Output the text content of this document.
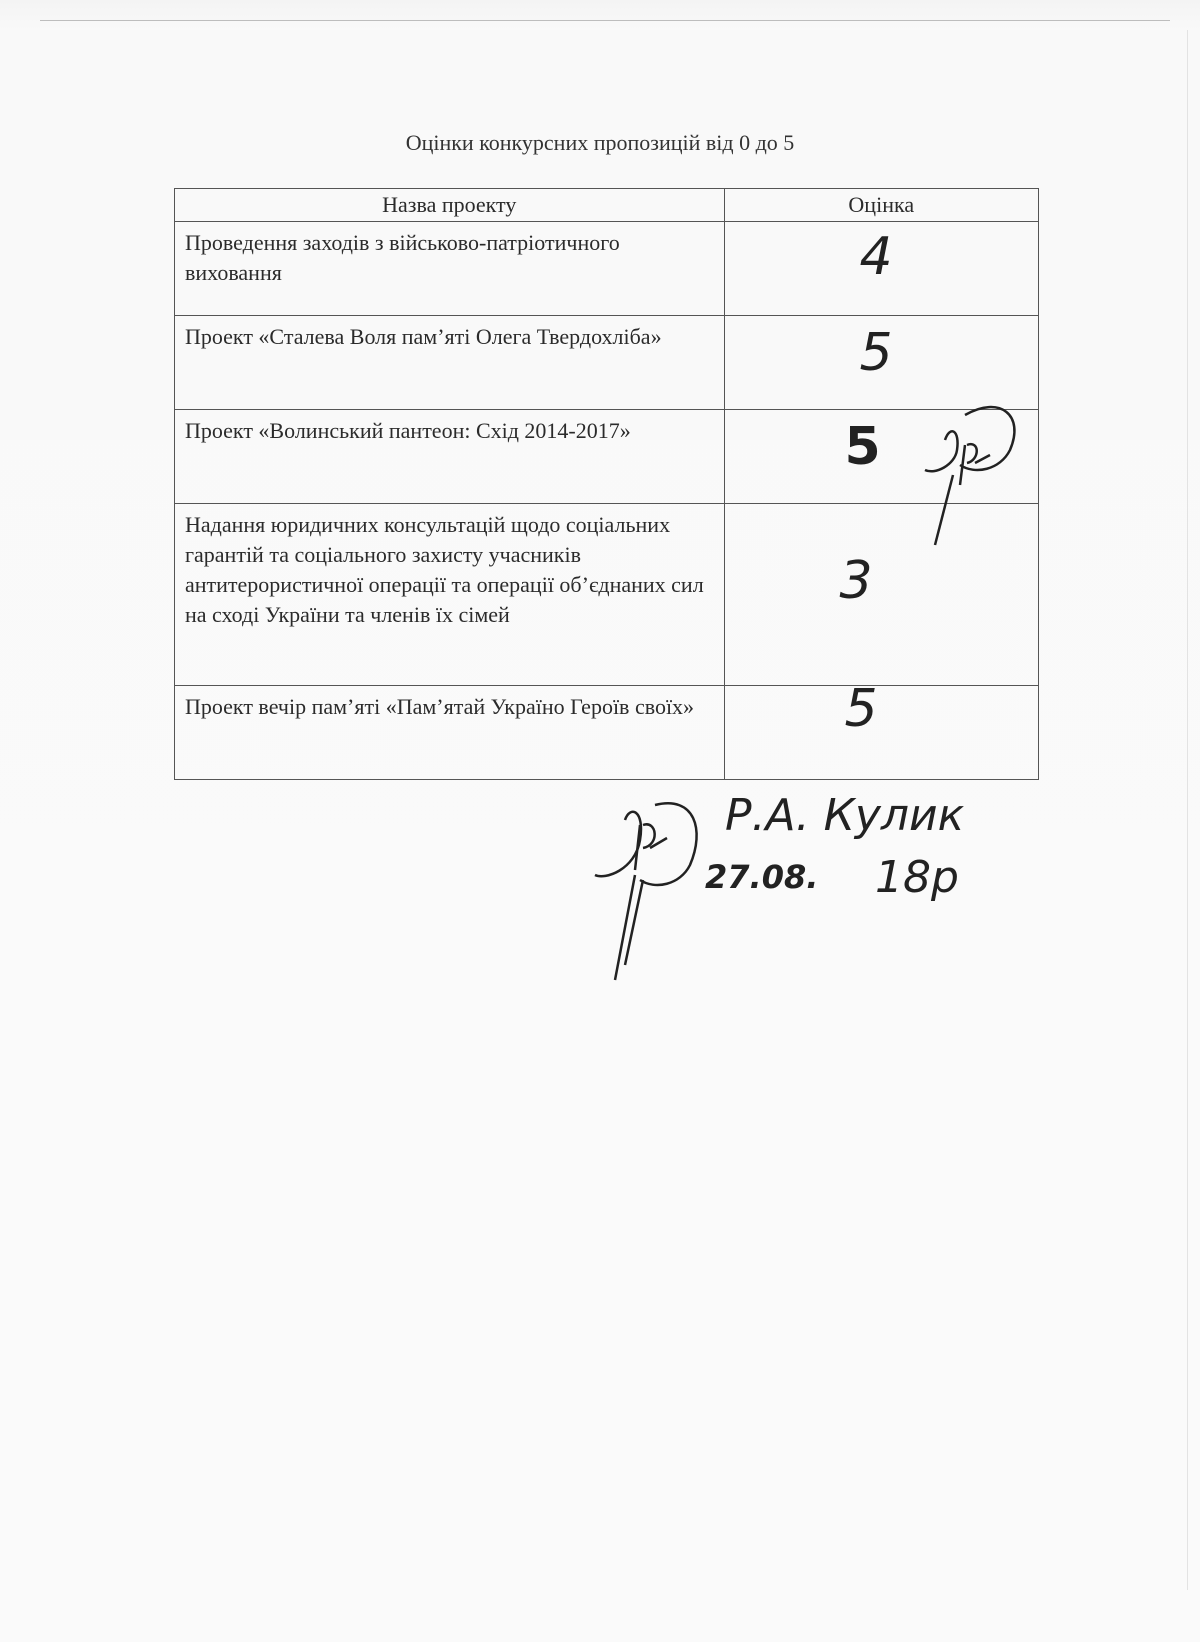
Оцінки конкурсних пропозицій від 0 до 5
Назва проекту	Оцінка
Проведення заходів з військово-патріотичного виховання	4

Проект «Сталева Воля пам’яті Олега Твердохліба»	5

Проект «Волинський пантеон: Схід 2014-2017»	5

Надання юридичних консультацій щодо соціальних гарантій та соціального захисту учасників антитерористичної операції та операції об’єднаних сил на сході України та членів їх сімей	3

Проект вечір пам’яті «Пам’ятай Україно Героїв своїх»	5
Р.А. Кулик
27.08. 18р
